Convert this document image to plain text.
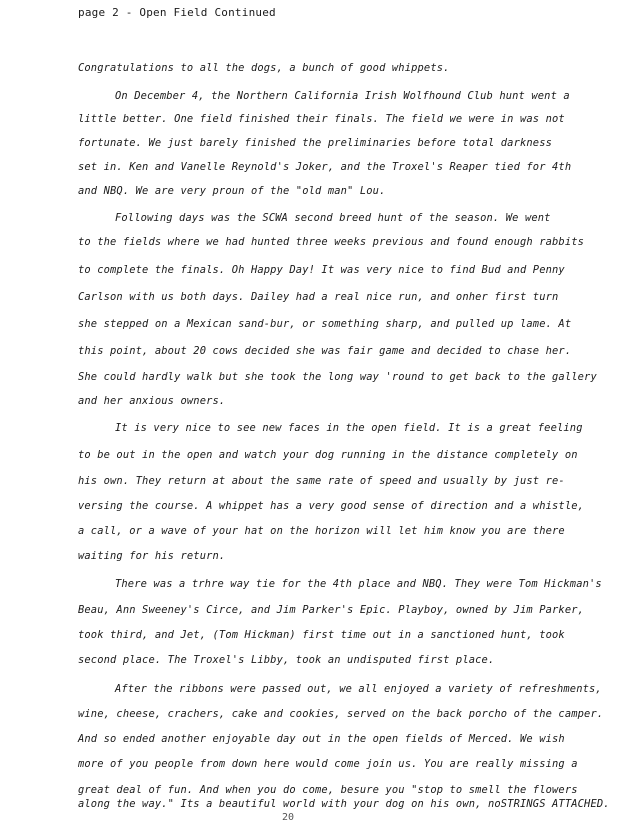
page 2 - Open Field Continued
Congratulations to all the dogs, a bunch of good whippets.
On December 4, the Northern California Irish Wolfhound Club hunt went a
little better. One field finished their finals. The field we were in was not
fortunate. We just barely finished the preliminaries before total darkness
set in. Ken and Vanelle Reynold's Joker, and the Troxel's Reaper tied for 4th
and NBQ. We are very proun of the "old man" Lou.
Following days was the SCWA second breed hunt of the season. We went
to the fields where we had hunted three weeks previous and found enough rabbits
to complete the finals. Oh Happy Day! It was very nice to find Bud and Penny
Carlson with us both days. Dailey had a real nice run, and onher first turn
she stepped on a Mexican sand-bur, or something sharp, and pulled up lame. At
this point, about 20 cows decided she was fair game and decided to chase her.
She could hardly walk but she took the long way 'round to get back to the gallery
and her anxious owners.
It is very nice to see new faces in the open field. It is a great feeling
to be out in the open and watch your dog running in the distance completely on
his own. They return at about the same rate of speed and usually by just re-
versing the course. A whippet has a very good sense of direction and a whistle,
a call, or a wave of your hat on the horizon will let him know you are there
waiting for his return.
There was a trhre way tie for the 4th place and NBQ. They were Tom Hickman's
Beau, Ann Sweeney's Circe, and Jim Parker's Epic. Playboy, owned by Jim Parker,
took third, and Jet, (Tom Hickman) first time out in a sanctioned hunt, took
second place. The Troxel's Libby, took an undisputed first place.
After the ribbons were passed out, we all enjoyed a variety of refreshments,
wine, cheese, crachers, cake and cookies, served on the back porcho of the camper.
And so ended another enjoyable day out in the open fields of Merced. We wish
more of you people from down here would come join us. You are really missing a
great deal of fun. And when you do come, besure you "stop to smell the flowers
along the way." Its a beautiful world with your dog on his own, noSTRINGS ATTACHED.
20
